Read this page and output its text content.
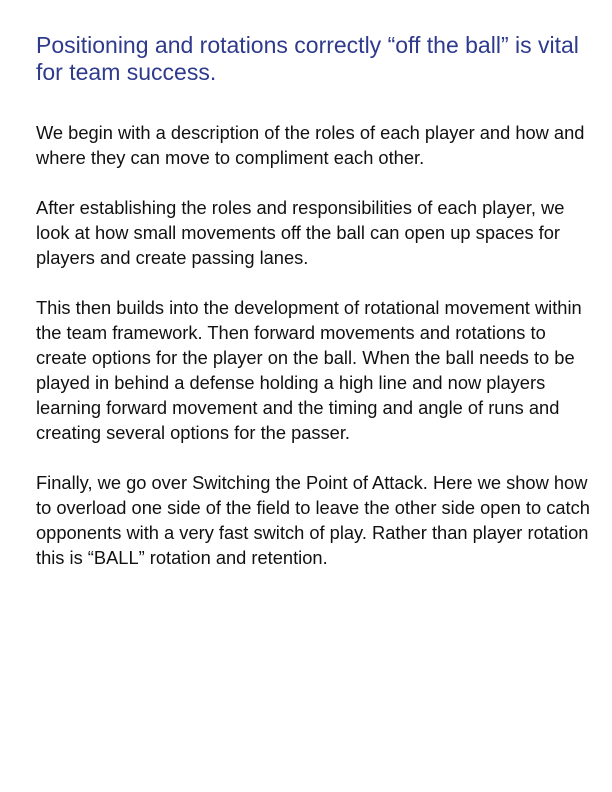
Positioning and rotations correctly “off the ball” is vital for team success.

We begin with a description of the roles of each player and how and where they can move to compliment each other.

After establishing the roles and responsibilities of each player, we look at how small movements off the ball can open up spaces for players and create passing lanes.

This then builds into the development of rotational movement within the team framework. Then forward movements and rotations to create options for the player on the ball. When the ball needs to be played in behind a defense holding a high line and now players learning forward movement and the timing and angle of runs and creating several options for the passer.

Finally, we go over Switching the Point of Attack. Here we show how to overload one side of the field to leave the other side open to catch opponents with a very fast switch of play. Rather than player rotation this is “BALL” rotation and retention.
